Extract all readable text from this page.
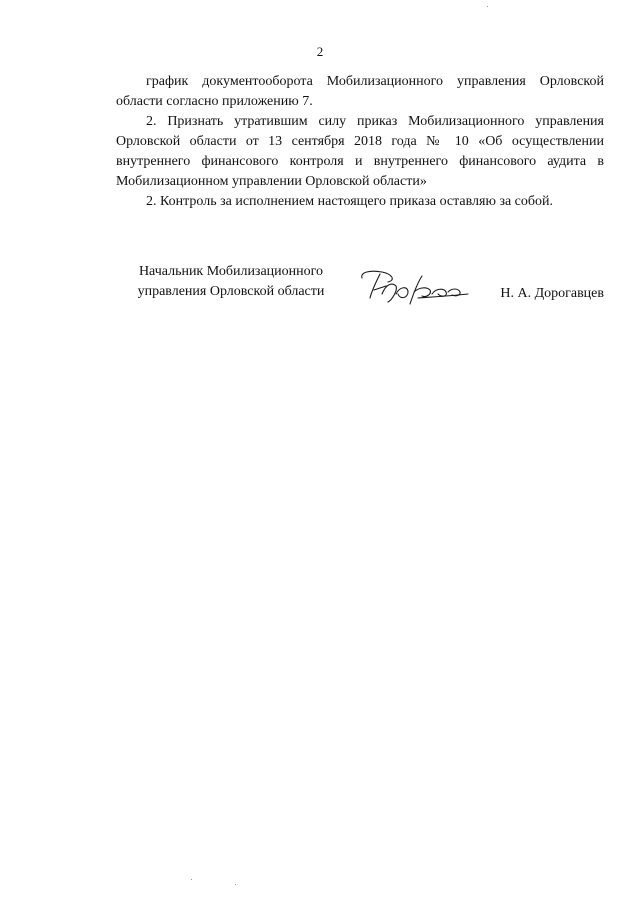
2

график документооборота Мобилизационного управления Орловской области согласно приложению 7.

2. Признать утратившим силу приказ Мобилизационного управления Орловской области от 13 сентября 2018 года № 10 «Об осуществлении внутреннего финансового контроля и внутреннего финансового аудита в Мобилизационном управлении Орловской области»

2. Контроль за исполнением настоящего приказа оставляю за собой.

Начальник Мобилизационного
управления Орловской области	Н. А. Дорогавцев
